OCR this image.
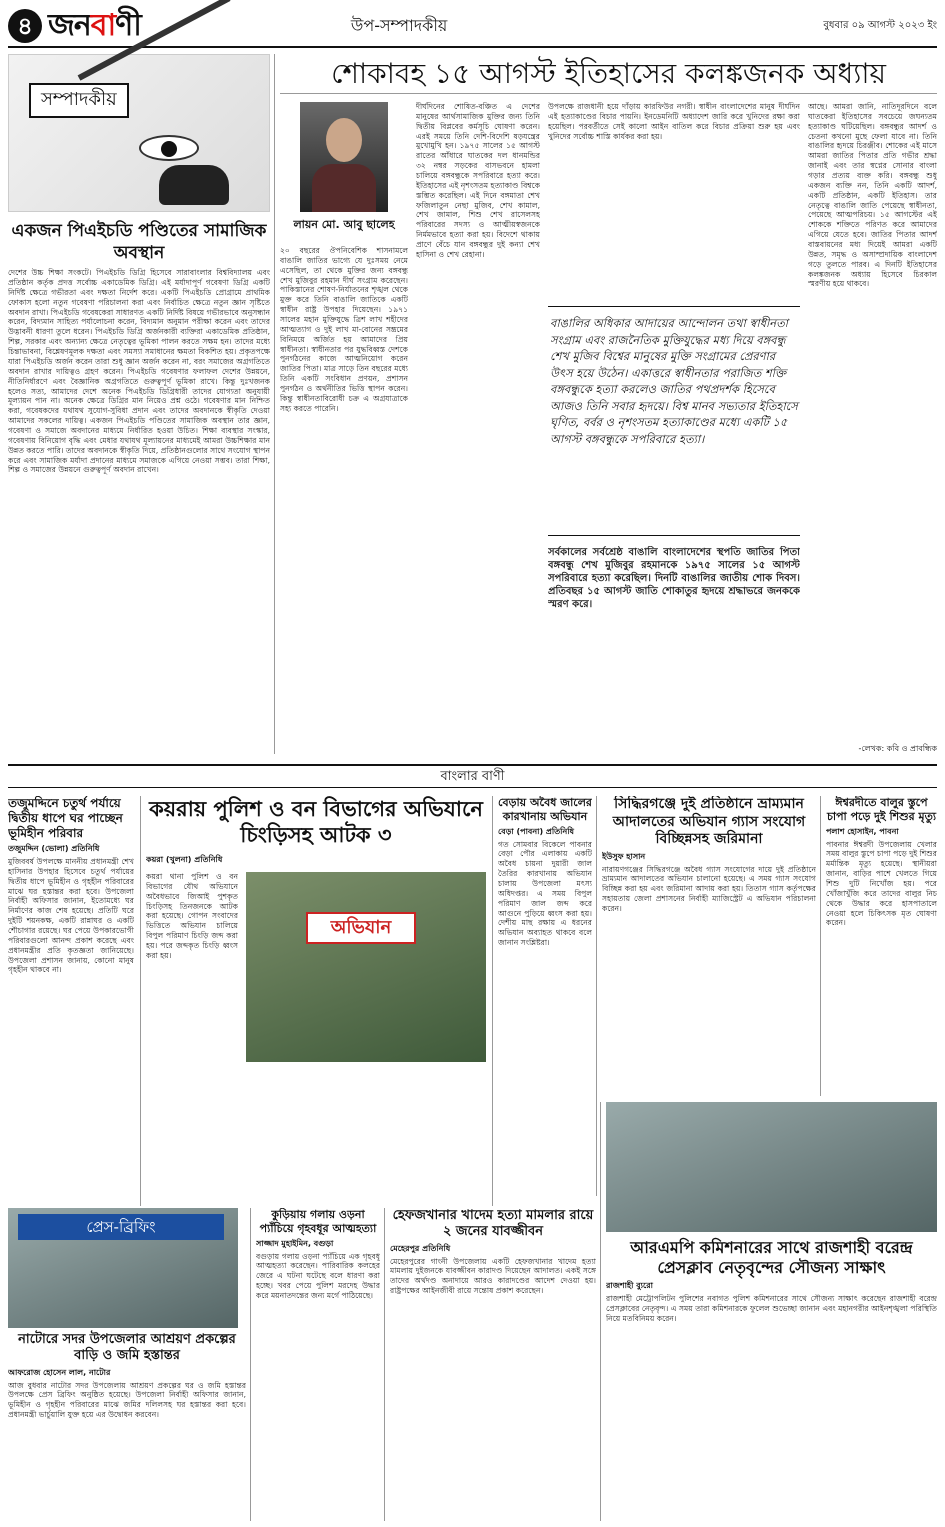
৪ জনবাণী	উপ-সম্পাদকীয়	বুধবার ০৯ আগস্ট ২০২৩ ইং
সম্পাদকীয়
একজন পিএইচডি পণ্ডিতের সামাজিক অবস্থান
দেশের উচ্চ শিক্ষা সংকটে। পিএইচডি ডিগ্রি হিসেবে সারাবাংলার বিশ্ববিদ্যালয় এবং প্রতিষ্ঠান কর্তৃক প্রদত্ত সর্বোচ্চ একাডেমিক ডিগ্রি। এই মর্যাদাপূর্ণ গবেষণা ডিগ্রি একটি নির্দিষ্ট ক্ষেত্রে গভীরতা এবং দক্ষতা নির্দেশ করে। একটি পিএইচডি প্রোগ্রামে প্রাথমিক ফোকাস হলো নতুন গবেষণা পরিচালনা করা এবং নির্বাচিত ক্ষেত্রে নতুন জ্ঞান সৃষ্টিতে অবদান রাখা। পিএইচডি গবেষকেরা সাধারণত একটি নির্দিষ্ট বিষয়ে গভীরভাবে অনুসন্ধান করেন, বিদ্যমান সাহিত্য পর্যালোচনা করেন, বিদ্যমান অনুমান পরীক্ষা করেন এবং তাদের উদ্ভাবনী ধারণা তুলে ধরেন। পিএইচডি ডিগ্রি অর্জনকারী ব্যক্তিরা একাডেমিক প্রতিষ্ঠান, শিল্প, সরকার এবং অন্যান্য ক্ষেত্রে নেতৃত্বের ভূমিকা পালন করতে সক্ষম হন। তাদের মধ্যে চিন্তাভাবনা, বিশ্লেষণমূলক দক্ষতা এবং সমস্যা সমাধানের ক্ষমতা বিকশিত হয়। প্রকৃতপক্ষে যারা পিএইচডি অর্জন করেন তারা শুধু জ্ঞান অর্জন করেন না, বরং সমাজের অগ্রগতিতে অবদান রাখার দায়িত্বও গ্রহণ করেন। পিএইচডি গবেষণার ফলাফল দেশের উন্নয়নে, নীতিনির্ধারণে এবং বৈজ্ঞানিক অগ্রগতিতে গুরুত্বপূর্ণ ভূমিকা রাখে। কিন্তু দুঃখজনক হলেও সত্য, আমাদের দেশে অনেক পিএইচডি ডিগ্রিধারী তাদের যোগ্যতা অনুযায়ী মূল্যায়ন পান না। অনেক ক্ষেত্রে ডিগ্রির মান নিয়েও প্রশ্ন ওঠে। গবেষণার মান নিশ্চিত করা, গবেষকদের যথাযথ সুযোগ-সুবিধা প্রদান এবং তাদের অবদানকে স্বীকৃতি দেওয়া আমাদের সকলের দায়িত্ব। একজন পিএইচডি পণ্ডিতের সামাজিক অবস্থান তার জ্ঞান, গবেষণা ও সমাজে অবদানের মাধ্যমে নির্ধারিত হওয়া উচিত। শিক্ষা ব্যবস্থার সংস্কার, গবেষণায় বিনিয়োগ বৃদ্ধি এবং মেধার যথাযথ মূল্যায়নের মাধ্যমেই আমরা উচ্চশিক্ষার মান উন্নত করতে পারি। তাদের অবদানকে স্বীকৃতি দিয়ে, প্রতিষ্ঠানগুলোর সাথে সংযোগ স্থাপন করে এবং সামাজিক মর্যাদা প্রদানের মাধ্যমে সমাজকে এগিয়ে নেওয়া সম্ভব। তারা শিক্ষা, শিল্প ও সমাজের উন্নয়নে গুরুত্বপূর্ণ অবদান রাখেন।
শোকাবহ ১৫ আগস্ট ইতিহাসের কলঙ্কজনক অধ্যায়
লায়ন মো. আবু ছালেহ
২০ বছরের ঔপনিবেশিক শাসনামলে বাঙালি জাতির ভাগ্যে যে দুঃসময় নেমে এসেছিল, তা থেকে মুক্তির জন্য বঙ্গবন্ধু শেখ মুজিবুর রহমান দীর্ঘ সংগ্রাম করেছেন। পাকিস্তানের শোষণ-নির্যাতনের শৃঙ্খল থেকে মুক্ত করে তিনি বাঙালি জাতিকে একটি স্বাধীন রাষ্ট্র উপহার দিয়েছেন। ১৯৭১ সালের মহান মুক্তিযুদ্ধে ত্রিশ লাখ শহীদের আত্মত্যাগ ও দুই লাখ মা-বোনের সম্ভ্রমের বিনিময়ে অর্জিত হয় আমাদের প্রিয় স্বাধীনতা। স্বাধীনতার পর যুদ্ধবিধ্বস্ত দেশকে পুনর্গঠনের কাজে আত্মনিয়োগ করেন জাতির পিতা। মাত্র সাড়ে তিন বছরের মধ্যে তিনি একটি সংবিধান প্রণয়ন, প্রশাসন পুনর্গঠন ও অর্থনীতির ভিত্তি স্থাপন করেন। কিন্তু স্বাধীনতাবিরোধী চক্র এ অগ্রযাত্রাকে সহ্য করতে পারেনি।
দীর্ঘদিনের শোষিত-বঞ্চিত এ দেশের মানুষের আর্থসামাজিক মুক্তির জন্য তিনি দ্বিতীয় বিপ্লবের কর্মসূচি ঘোষণা করেন। এরই সময়ে তিনি দেশি-বিদেশি ষড়যন্ত্রের মুখোমুখি হন। ১৯৭৫ সালের ১৫ আগস্ট রাতের আঁধারে ঘাতকের দল ধানমন্ডির ৩২ নম্বর সড়কের বাসভবনে হামলা চালিয়ে বঙ্গবন্ধুকে সপরিবারে হত্যা করে। ইতিহাসের এই নৃশংসতম হত্যাকাণ্ড বিশ্বকে স্তম্ভিত করেছিল। এই দিনে বঙ্গমাতা শেখ ফজিলাতুন নেছা মুজিব, শেখ কামাল, শেখ জামাল, শিশু শেখ রাসেলসহ পরিবারের সদস্য ও আত্মীয়স্বজনকে নির্মমভাবে হত্যা করা হয়। বিদেশে থাকায় প্রাণে বেঁচে যান বঙ্গবন্ধুর দুই কন্যা শেখ হাসিনা ও শেখ রেহানা।
উপলক্ষে রাজধানী হয়ে দাঁড়ায় কারফিউর নগরী। স্বাধীন বাংলাদেশের মানুষ দীর্ঘদিন এই হত্যাকাণ্ডের বিচার পায়নি। ইনডেমনিটি অধ্যাদেশ জারি করে খুনিদের রক্ষা করা হয়েছিল। পরবর্তীতে সেই কালো আইন বাতিল করে বিচার প্রক্রিয়া শুরু হয় এবং খুনিদের সর্বোচ্চ শাস্তি কার্যকর করা হয়।
বাঙালির অধিকার আদায়ের আন্দোলন তথা স্বাধীনতা সংগ্রাম এবং রাজনৈতিক মুক্তিযুদ্ধের মধ্য দিয়ে বঙ্গবন্ধু শেখ মুজিব বিশ্বের মানুষের মুক্তি সংগ্রামের প্রেরণার উৎস হয়ে উঠেন। একাত্তরে স্বাধীনতার পরাজিত শক্তি বঙ্গবন্ধুকে হত্যা করলেও জাতির পথপ্রদর্শক হিসেবে আজও তিনি সবার হৃদয়ে। বিশ্ব মানব সভ্যতার ইতিহাসে ঘৃণিত, বর্বর ও নৃশংসতম হত্যাকাণ্ডের মধ্যে একটি ১৫ আগস্ট বঙ্গবন্ধুকে সপরিবারে হত্যা।
সর্বকালের সর্বশ্রেষ্ঠ বাঙালি বাংলাদেশের স্থপতি জাতির পিতা বঙ্গবন্ধু শেখ মুজিবুর রহমানকে ১৯৭৫ সালের ১৫ আগস্ট সপরিবারে হত্যা করেছিল। দিনটি বাঙালির জাতীয় শোক দিবস। প্রতিবছর ১৫ আগস্ট জাতি শোকাতুর হৃদয়ে শ্রদ্ধাভরে জনককে স্মরণ করে।
আছে। আমরা জানি, নাতিদূরদিনে বলে ঘাতকেরা ইতিহাসের সবচেয়ে জঘন্যতম হত্যাকাণ্ড ঘটিয়েছিল। বঙ্গবন্ধুর আদর্শ ও চেতনা কখনো মুছে ফেলা যাবে না। তিনি বাঙালির হৃদয়ে চিরঞ্জীব। শোকের এই মাসে আমরা জাতির পিতার প্রতি গভীর শ্রদ্ধা জানাই এবং তার স্বপ্নের সোনার বাংলা গড়ার প্রত্যয় ব্যক্ত করি। বঙ্গবন্ধু শুধু একজন ব্যক্তি নন, তিনি একটি আদর্শ, একটি প্রতিষ্ঠান, একটি ইতিহাস। তার নেতৃত্বে বাঙালি জাতি পেয়েছে স্বাধীনতা, পেয়েছে আত্মপরিচয়। ১৫ আগস্টের এই শোককে শক্তিতে পরিণত করে আমাদের এগিয়ে যেতে হবে। জাতির পিতার আদর্শ বাস্তবায়নের মধ্য দিয়েই আমরা একটি উন্নত, সমৃদ্ধ ও অসাম্প্রদায়িক বাংলাদেশ গড়ে তুলতে পারব। এ দিনটি ইতিহাসের কলঙ্কজনক অধ্যায় হিসেবে চিরকাল স্মরণীয় হয়ে থাকবে।
-লেখক: কবি ও প্রাবন্ধিক
বাংলার বাণী
তজুমদ্দিনে চতুর্থ পর্যায়ে দ্বিতীয় ধাপে ঘর পাচ্ছেন ভূমিহীন পরিবার
তজুমদ্দিন (ভোলা) প্রতিনিধি
মুজিববর্ষ উপলক্ষে মাননীয় প্রধানমন্ত্রী শেখ হাসিনার উপহার হিসেবে চতুর্থ পর্যায়ের দ্বিতীয় ধাপে ভূমিহীন ও গৃহহীন পরিবারের মাঝে ঘর হস্তান্তর করা হবে। উপজেলা নির্বাহী অফিসার জানান, ইতোমধ্যে ঘর নির্মাণের কাজ শেষ হয়েছে। প্রতিটি ঘরে দুইটি শয়নকক্ষ, একটি রান্নাঘর ও একটি শৌচাগার রয়েছে। ঘর পেয়ে উপকারভোগী পরিবারগুলো আনন্দ প্রকাশ করেছে এবং প্রধানমন্ত্রীর প্রতি কৃতজ্ঞতা জানিয়েছে। উপজেলা প্রশাসন জানায়, কোনো মানুষ গৃহহীন থাকবে না।
কয়রায় পুলিশ ও বন বিভাগের অভিযানে চিংড়িসহ আটক ৩
কয়রা (খুলনা) প্রতিনিধি
কয়রা থানা পুলিশ ও বন বিভাগের যৌথ অভিযানে অবৈধভাবে জিআই পুশকৃত চিংড়িসহ তিনজনকে আটক করা হয়েছে। গোপন সংবাদের ভিত্তিতে অভিযান চালিয়ে বিপুল পরিমাণ চিংড়ি জব্দ করা হয়। পরে জব্দকৃত চিংড়ি ধ্বংস করা হয়।
অভিযান
বেড়ায় অবৈধ জালের কারখানায় অভিযান
বেড়া (পাবনা) প্রতিনিধি
গত সোমবার বিকেলে পাবনার বেড়া পৌর এলাকায় একটি অবৈধ চায়না দুয়ারী জাল তৈরির কারখানায় অভিযান চালায় উপজেলা মৎস্য অধিদপ্তর। এ সময় বিপুল পরিমাণ জাল জব্দ করে আগুনে পুড়িয়ে ধ্বংস করা হয়। দেশীয় মাছ রক্ষায় এ ধরনের অভিযান অব্যাহত থাকবে বলে জানান সংশ্লিষ্টরা।
সিদ্ধিরগঞ্জে দুই প্রতিষ্ঠানে ভ্রাম্যমান আদালতের অভিযান গ্যাস সংযোগ বিচ্ছিন্নসহ জরিমানা
ইউসুফ হাসান
নারায়ণগঞ্জের সিদ্ধিরগঞ্জে অবৈধ গ্যাস সংযোগের দায়ে দুই প্রতিষ্ঠানে ভ্রাম্যমান আদালতের অভিযান চালানো হয়েছে। এ সময় গ্যাস সংযোগ বিচ্ছিন্ন করা হয় এবং জরিমানা আদায় করা হয়। তিতাস গ্যাস কর্তৃপক্ষের সহায়তায় জেলা প্রশাসনের নির্বাহী ম্যাজিস্ট্রেট এ অভিযান পরিচালনা করেন।
ঈশ্বরদীতে বালুর স্তুপে চাপা পড়ে দুই শিশুর মৃত্যু
পলাশ হোসাইন, পাবনা
পাবনার ঈশ্বরদী উপজেলায় খেলার সময় বালুর স্তুপে চাপা পড়ে দুই শিশুর মর্মান্তিক মৃত্যু হয়েছে। স্থানীয়রা জানান, বাড়ির পাশে খেলতে গিয়ে শিশু দুটি নিখোঁজ হয়। পরে খোঁজাখুঁজি করে তাদের বালুর নিচ থেকে উদ্ধার করে হাসপাতালে নেওয়া হলে চিকিৎসক মৃত ঘোষণা করেন।
প্রেস-ব্রিফিং
নাটোরে সদর উপজেলার আশ্রয়ণ প্রকল্পের বাড়ি ও জমি হস্তান্তর
আফরোজ হোসেন লাল, নাটোর
আজ বুধবার নাটোর সদর উপজেলায় আশ্রয়ণ প্রকল্পের ঘর ও জমি হস্তান্তর উপলক্ষে প্রেস ব্রিফিং অনুষ্ঠিত হয়েছে। উপজেলা নির্বাহী অফিসার জানান, ভূমিহীন ও গৃহহীন পরিবারের মাঝে জমির দলিলসহ ঘর হস্তান্তর করা হবে। প্রধানমন্ত্রী ভার্চুয়ালি যুক্ত হয়ে এর উদ্বোধন করবেন।
কুড়িয়ায় গলায় ওড়না প্যাঁচিয়ে গৃহবধূর আত্মহত্যা
সাজ্জাদ মুহাইমিন, বগুড়া
বগুড়ায় গলায় ওড়না প্যাঁচিয়ে এক গৃহবধূ আত্মহত্যা করেছেন। পারিবারিক কলহের জেরে এ ঘটনা ঘটেছে বলে ধারণা করা হচ্ছে। খবর পেয়ে পুলিশ মরদেহ উদ্ধার করে ময়নাতদন্তের জন্য মর্গে পাঠিয়েছে।
হেফজখানার খাদেম হত্যা মামলার রায়ে ২ জনের যাবজ্জীবন
মেহেরপুর প্রতিনিধি
মেহেরপুরের গাংনী উপজেলায় একটি হেফজখানার খাদেম হত্যা মামলায় দুইজনকে যাবজ্জীবন কারাদণ্ড দিয়েছেন আদালত। একই সঙ্গে তাদের অর্থদণ্ড অনাদায়ে আরও কারাদণ্ডের আদেশ দেওয়া হয়। রাষ্ট্রপক্ষের আইনজীবী রায়ে সন্তোষ প্রকাশ করেছেন।
আরএমপি কমিশনারের সাথে রাজশাহী বরেন্দ্র প্রেসক্লাব নেতৃবৃন্দের সৌজন্য সাক্ষাৎ
রাজশাহী ব্যুরো
রাজশাহী মেট্রোপলিটন পুলিশের নবাগত পুলিশ কমিশনারের সাথে সৌজন্য সাক্ষাৎ করেছেন রাজশাহী বরেন্দ্র প্রেসক্লাবের নেতৃবৃন্দ। এ সময় তারা কমিশনারকে ফুলেল শুভেচ্ছা জানান এবং মহানগরীর আইনশৃঙ্খলা পরিস্থিতি নিয়ে মতবিনিময় করেন।
